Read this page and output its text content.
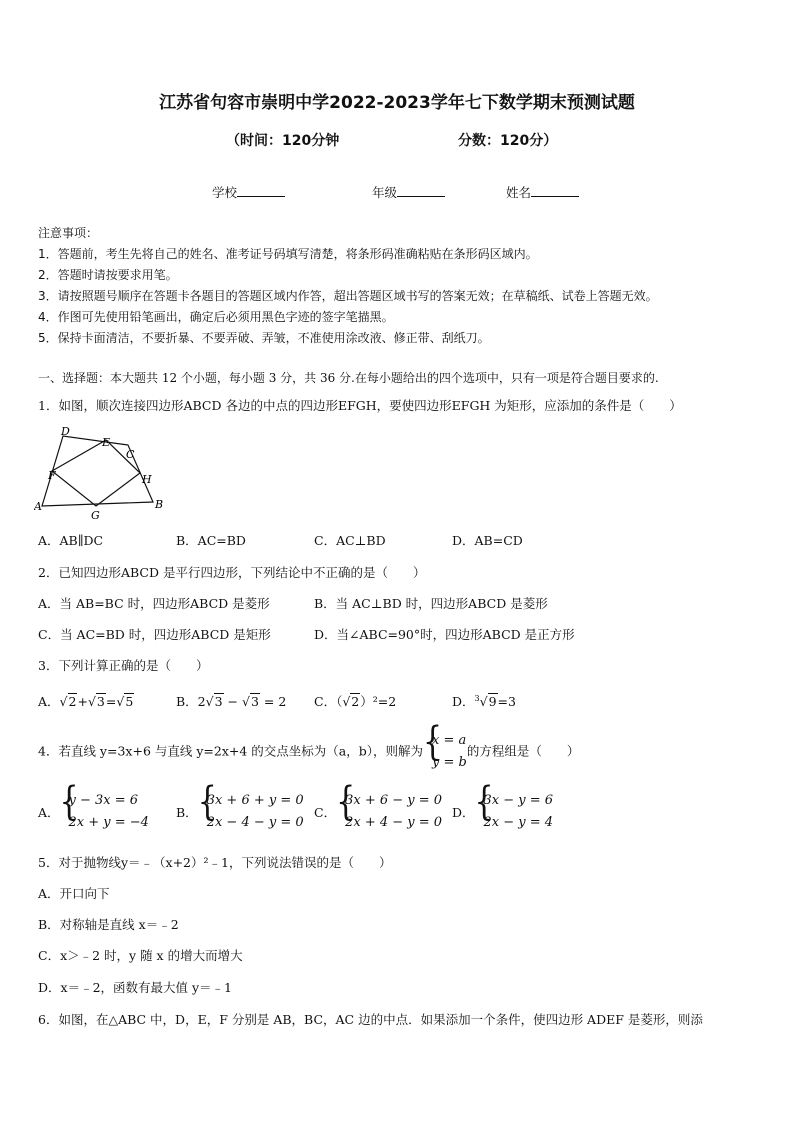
江苏省句容市崇明中学2022-2023学年七下数学期末预测试题
（时间：120分钟	分数：120分）
学校	年级	姓名
注意事项：
1．答题前，考生先将自己的姓名、准考证号码填写清楚，将条形码准确粘贴在条形码区域内。
2．答题时请按要求用笔。
3．请按照题号顺序在答题卡各题目的答题区域内作答，超出答题区域书写的答案无效；在草稿纸、试卷上答题无效。
4．作图可先使用铅笔画出，确定后必须用黑色字迹的签字笔描黑。
5．保持卡面清洁，不要折暴、不要弄破、弄皱，不准使用涂改液、修正带、刮纸刀。
一、选择题：本大题共 12 个小题，每小题 3 分，共 36 分.在每小题给出的四个选项中，只有一项是符合题目要求的.
1．如图，顺次连接四边形ABCD 各边的中点的四边形EFGH，要使四边形EFGH 为矩形，应添加的条件是（　　）
A	B
C
D
E
F
G
H
A．AB∥DC	B．AC=BD	C．AC⊥BD	D．AB=CD
2．已知四边形ABCD 是平行四边形，下列结论中不正确的是（　　）
A．当 AB=BC 时，四边形ABCD 是菱形	B．当 AC⊥BD 时，四边形ABCD 是菱形
C．当 AC=BD 时，四边形ABCD 是矩形	D．当∠ABC=90°时，四边形ABCD 是正方形
3．下列计算正确的是（　　）
A．√2+√3=√5	B．2√3 − √3 = 2 C．（√2）²=2	D．$^3$√9=3
4．若直线 y=3x+6 与直线 y=2x+4 的交点坐标为（a，b），则解为 {
x = a
y = b
的方程组是（　　）
A． {
y − 3x = 6
2x + y = −4
B． {
3x + 6 + y = 0
2x − 4 − y = 0
C． {
3x + 6 − y = 0
2x + 4 − y = 0
D． {
3x − y = 6
2x − y = 4
5．对于抛物线y＝﹣（x+2）²﹣1，下列说法错误的是（　　）
A．开口向下
B．对称轴是直线 x＝﹣2
C．x＞﹣2 时，y 随 x 的增大而增大
D．x＝﹣2，函数有最大值 y＝﹣1
6．如图，在△ABC 中，D，E，F 分别是 AB，BC，AC 边的中点．如果添加一个条件，使四边形 ADEF 是菱形，则添
